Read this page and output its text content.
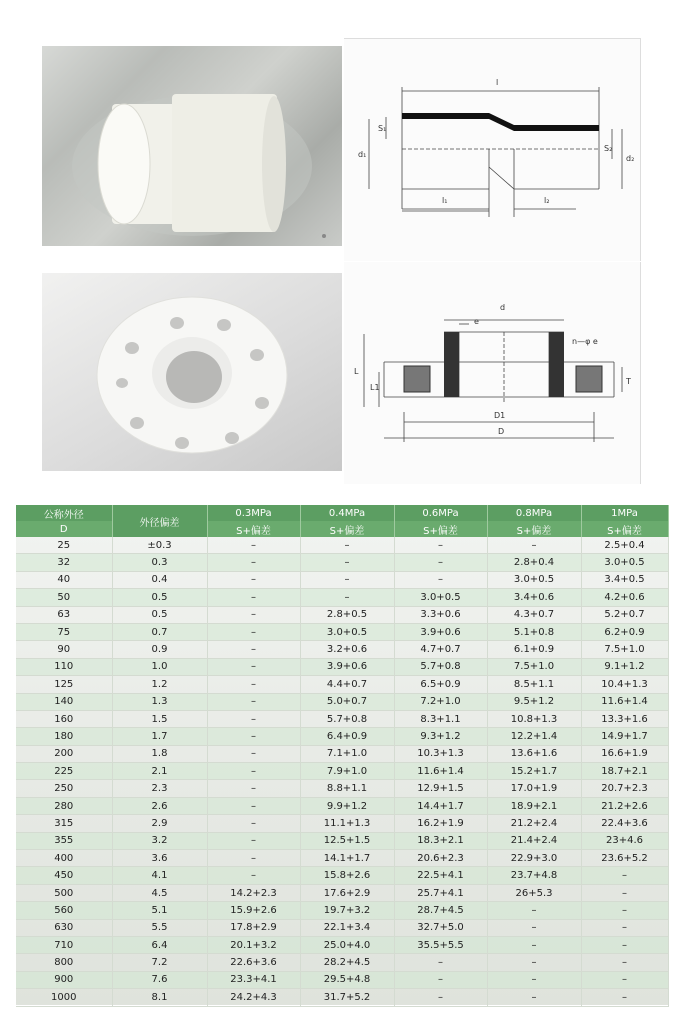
l
S₁
d₁
l₁	l₂
S₂
d₂
d
e
n—φ e
L
L1
T
D1
D
公称外径	外径偏差	0.3MPa	0.4MPa	0.6MPa	0.8MPa	1MPa
D		S+偏差	S+偏差	S+偏差	S+偏差	S+偏差
25	±0.3	–	–	–	–	2.5+0.4
32	0.3	–	–	–	2.8+0.4	3.0+0.5
40	0.4	–	–	–	3.0+0.5	3.4+0.5
50	0.5	–	–	3.0+0.5	3.4+0.6	4.2+0.6
63	0.5	–	2.8+0.5	3.3+0.6	4.3+0.7	5.2+0.7
75	0.7	–	3.0+0.5	3.9+0.6	5.1+0.8	6.2+0.9
90	0.9	–	3.2+0.6	4.7+0.7	6.1+0.9	7.5+1.0
110	1.0	–	3.9+0.6	5.7+0.8	7.5+1.0	9.1+1.2
125	1.2	–	4.4+0.7	6.5+0.9	8.5+1.1	10.4+1.3
140	1.3	–	5.0+0.7	7.2+1.0	9.5+1.2	11.6+1.4
160	1.5	–	5.7+0.8	8.3+1.1	10.8+1.3	13.3+1.6
180	1.7	–	6.4+0.9	9.3+1.2	12.2+1.4	14.9+1.7
200	1.8	–	7.1+1.0	10.3+1.3	13.6+1.6	16.6+1.9
225	2.1	–	7.9+1.0	11.6+1.4	15.2+1.7	18.7+2.1
250	2.3	–	8.8+1.1	12.9+1.5	17.0+1.9	20.7+2.3
280	2.6	–	9.9+1.2	14.4+1.7	18.9+2.1	21.2+2.6
315	2.9	–	11.1+1.3	16.2+1.9	21.2+2.4	22.4+3.6
355	3.2	–	12.5+1.5	18.3+2.1	21.4+2.4	23+4.6
400	3.6	–	14.1+1.7	20.6+2.3	22.9+3.0	23.6+5.2
450	4.1	–	15.8+2.6	22.5+4.1	23.7+4.8	–
500	4.5	14.2+2.3	17.6+2.9	25.7+4.1	26+5.3	–
560	5.1	15.9+2.6	19.7+3.2	28.7+4.5	–	–
630	5.5	17.8+2.9	22.1+3.4	32.7+5.0	–	–
710	6.4	20.1+3.2	25.0+4.0	35.5+5.5	–	–
800	7.2	22.6+3.6	28.2+4.5	–	–	–
900	7.6	23.3+4.1	29.5+4.8	–	–	–
1000	8.1	24.2+4.3	31.7+5.2	–	–	–
